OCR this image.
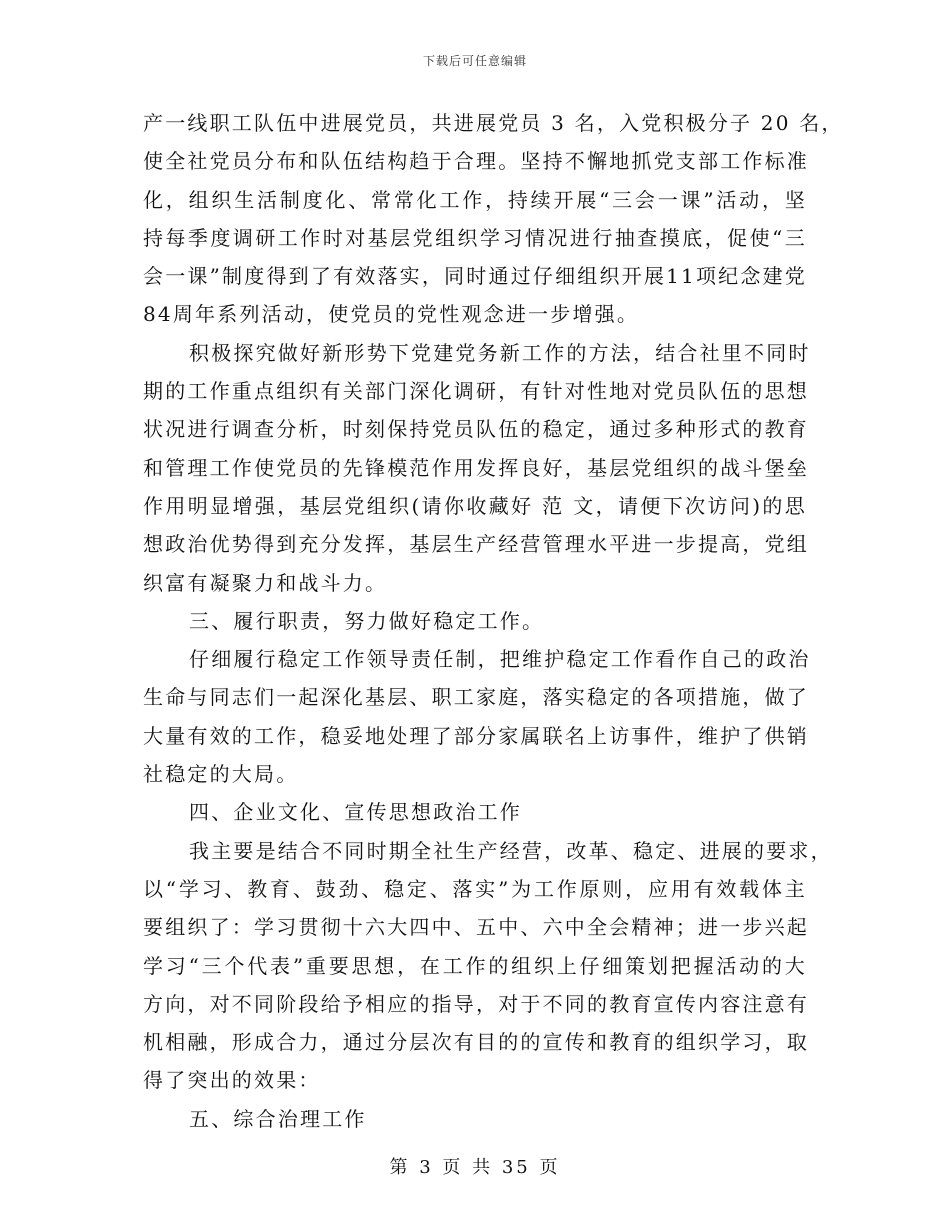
下载后可任意编辑
产一线职工队伍中进展党员，共进展党员 3 名，入党积极分子 20 名，
使全社党员分布和队伍结构趋于合理。坚持不懈地抓党支部工作标准
化，组织生活制度化、常常化工作，持续开展“三会一课”活动，坚
持每季度调研工作时对基层党组织学习情况进行抽查摸底，促使“三
会一课”制度得到了有效落实，同时通过仔细组织开展11项纪念建党
84周年系列活动，使党员的党性观念进一步增强。
积极探究做好新形势下党建党务新工作的方法，结合社里不同时
期的工作重点组织有关部门深化调研，有针对性地对党员队伍的思想
状况进行调查分析，时刻保持党员队伍的稳定，通过多种形式的教育
和管理工作使党员的先锋模范作用发挥良好，基层党组织的战斗堡垒
作用明显增强，基层党组织(请你收藏好 范 文，请便下次访问)的思
想政治优势得到充分发挥，基层生产经营管理水平进一步提高，党组
织富有凝聚力和战斗力。
三、履行职责，努力做好稳定工作。
仔细履行稳定工作领导责任制，把维护稳定工作看作自己的政治
生命与同志们一起深化基层、职工家庭，落实稳定的各项措施，做了
大量有效的工作，稳妥地处理了部分家属联名上访事件，维护了供销
社稳定的大局。
四、企业文化、宣传思想政治工作
我主要是结合不同时期全社生产经营，改革、稳定、进展的要求，
以“学习、教育、鼓劲、稳定、落实”为工作原则，应用有效载体主
要组织了：学习贯彻十六大四中、五中、六中全会精神；进一步兴起
学习“三个代表”重要思想，在工作的组织上仔细策划把握活动的大
方向，对不同阶段给予相应的指导，对于不同的教育宣传内容注意有
机相融，形成合力，通过分层次有目的的宣传和教育的组织学习，取
得了突出的效果：
五、综合治理工作
第 3 页 共 35 页
